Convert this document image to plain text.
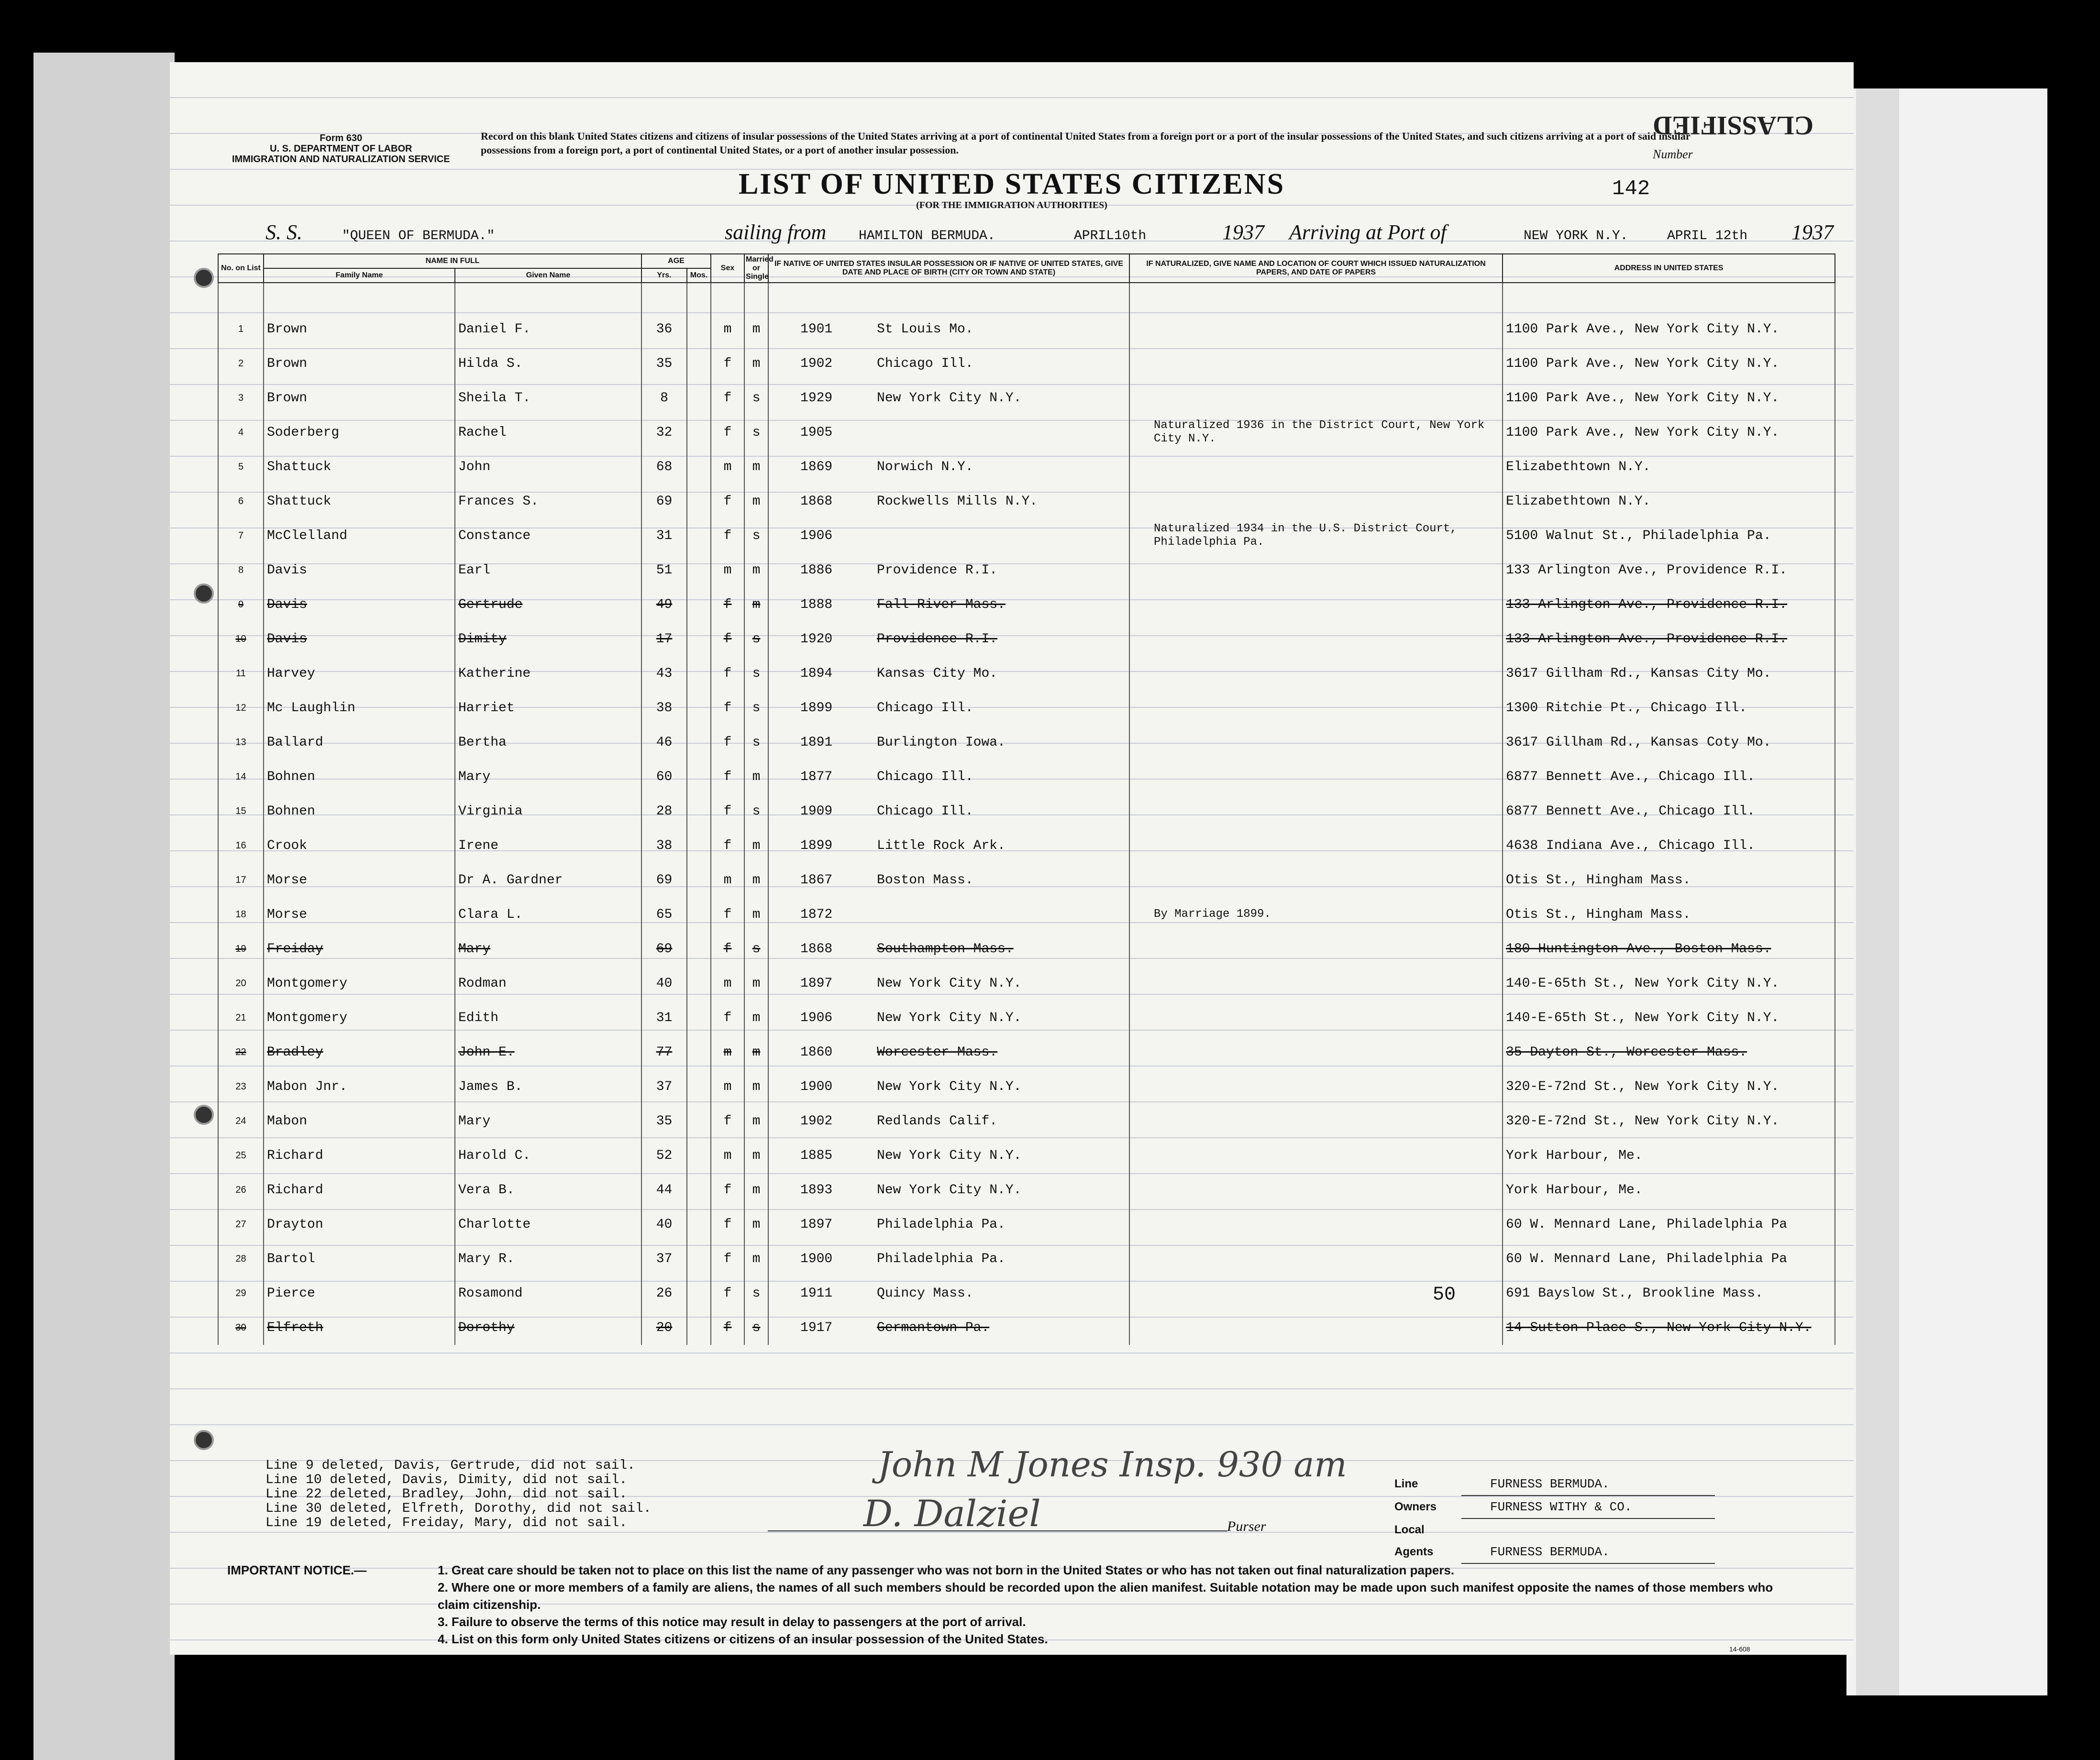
Form 630
U. S. DEPARTMENT OF LABOR
IMMIGRATION AND NATURALIZATION SERVICE
Record on this blank United States citizens and citizens of insular possessions of the United States arriving at a port of continental United States from a foreign port or a port of the insular possessions of the United States, and such citizens arriving at a port of said insular possessions from a foreign port, a port of continental United States, or a port of another insular possession.
LIST OF UNITED STATES CITIZENS
(FOR THE IMMIGRATION AUTHORITIES)
Number
142
CLASSIFIED
S. S.	"QUEEN OF BERMUDA."	sailing from HAMILTON BERMUDA.	APRIL10th	1937 Arriving at Port of	NEW YORK N.Y.	APRIL 12th 1937
No. on List	NAME IN FULL		AGE		Sex	Married or Single	IF NATIVE OF UNITED STATES INSULAR POSSESSION OR IF NATIVE OF UNITED STATES, GIVE DATE AND PLACE OF BIRTH (CITY OR TOWN AND STATE)	IF NATURALIZED, GIVE NAME AND LOCATION OF COURT WHICH ISSUED NATURALIZATION PAPERS, AND DATE OF PAPERS	ADDRESS IN UNITED STATES
	Family Name	Given Name	Yrs.	Mos.					

1	Brown	Daniel F.	36		m	m	1901 St Louis Mo.		1100 Park Ave., New York City N.Y.
2	Brown	Hilda S.	35		f	m	1902 Chicago Ill.		1100 Park Ave., New York City N.Y.
3	Brown	Sheila T.	8		f	s	1929 New York City N.Y.		1100 Park Ave., New York City N.Y.
4	Soderberg	Rachel	32		f	s	1905	Naturalized 1936 in the District Court, New York City N.Y.	1100 Park Ave., New York City N.Y.
5	Shattuck	John	68		m	m	1869 Norwich N.Y.		Elizabethtown N.Y.
6	Shattuck	Frances S.	69		f	m	1868 Rockwells Mills N.Y.		Elizabethtown N.Y.
7	McClelland	Constance	31		f	s	1906	Naturalized 1934 in the U.S. District Court, Philadelphia Pa.	5100 Walnut St., Philadelphia Pa.
8	Davis	Earl	51		m	m	1886 Providence R.I.		133 Arlington Ave., Providence R.I.
9	Davis	Gertrude	49		f	m	1888 Fall River Mass.		133 Arlington Ave., Providence R.I.
10	Davis	Dimity	17		f	s	1920 Providence R.I.		133 Arlington Ave., Providence R.I.
11	Harvey	Katherine	43		f	s	1894 Kansas City Mo.		3617 Gillham Rd., Kansas City Mo.
12	Mc Laughlin	Harriet	38		f	s	1899 Chicago Ill.		1300 Ritchie Pt., Chicago Ill.
13	Ballard	Bertha	46		f	s	1891 Burlington Iowa.		3617 Gillham Rd., Kansas Coty Mo.
14	Bohnen	Mary	60		f	m	1877 Chicago Ill.		6877 Bennett Ave., Chicago Ill.
15	Bohnen	Virginia	28		f	s	1909 Chicago Ill.		6877 Bennett Ave., Chicago Ill.
16	Crook	Irene	38		f	m	1899 Little Rock Ark.		4638 Indiana Ave., Chicago Ill.
17	Morse	Dr A. Gardner	69		m	m	1867 Boston Mass.		Otis St., Hingham Mass.
18	Morse	Clara L.	65		f	m	1872	By Marriage 1899.	Otis St., Hingham Mass.
19	Freiday	Mary	69		f	s	1868 Southampton Mass.		180 Huntington Ave., Boston Mass.
20	Montgomery	Rodman	40		m	m	1897 New York City N.Y.		140-E-65th St., New York City N.Y.
21	Montgomery	Edith	31		f	m	1906 New York City N.Y.		140-E-65th St., New York City N.Y.
22	Bradley	John E.	77		m	m	1860 Worcester Mass.		35 Dayton St., Worcester Mass.
23	Mabon Jnr.	James B.	37		m	m	1900 New York City N.Y.		320-E-72nd St., New York City N.Y.
24	Mabon	Mary	35		f	m	1902 Redlands Calif.		320-E-72nd St., New York City N.Y.
25	Richard	Harold C.	52		m	m	1885 New York City N.Y.		York Harbour, Me.
26	Richard	Vera B.	44		f	m	1893 New York City N.Y.		York Harbour, Me.
27	Drayton	Charlotte	40		f	m	1897 Philadelphia Pa.		60 W. Mennard Lane, Philadelphia Pa
28	Bartol	Mary R.	37		f	m	1900 Philadelphia Pa.		60 W. Mennard Lane, Philadelphia Pa
29	Pierce	Rosamond	26		f	s	1911 Quincy Mass.		691 Bayslow St., Brookline Mass.
30	Elfreth	Dorothy	20		f	s	1917 Germantown Pa.		14 Sutton Place S., New York City N.Y.
50
Line 9 deleted, Davis, Gertrude, did not sail.
Line 10 deleted, Davis, Dimity, did not sail.
Line 22 deleted, Bradley, John, did not sail.
Line 30 deleted, Elfreth, Dorothy, did not sail.
Line 19 deleted, Freiday, Mary, did not sail.
John M Jones Insp. 930 am
D. Dalziel	Purser
Line	FURNESS BERMUDA.
Owners	FURNESS WITHY & CO.
Local Agents	FURNESS BERMUDA.
IMPORTANT NOTICE.—	1. Great care should be taken not to place on this list the name of any passenger who was not born in the United States or who has not taken out final naturalization papers.
2. Where one or more members of a family are aliens, the names of all such members should be recorded upon the alien manifest. Suitable notation may be made upon such manifest opposite the names of those members who claim citizenship.
3. Failure to observe the terms of this notice may result in delay to passengers at the port of arrival.
4. List on this form only United States citizens or citizens of an insular possession of the United States.
14-608
